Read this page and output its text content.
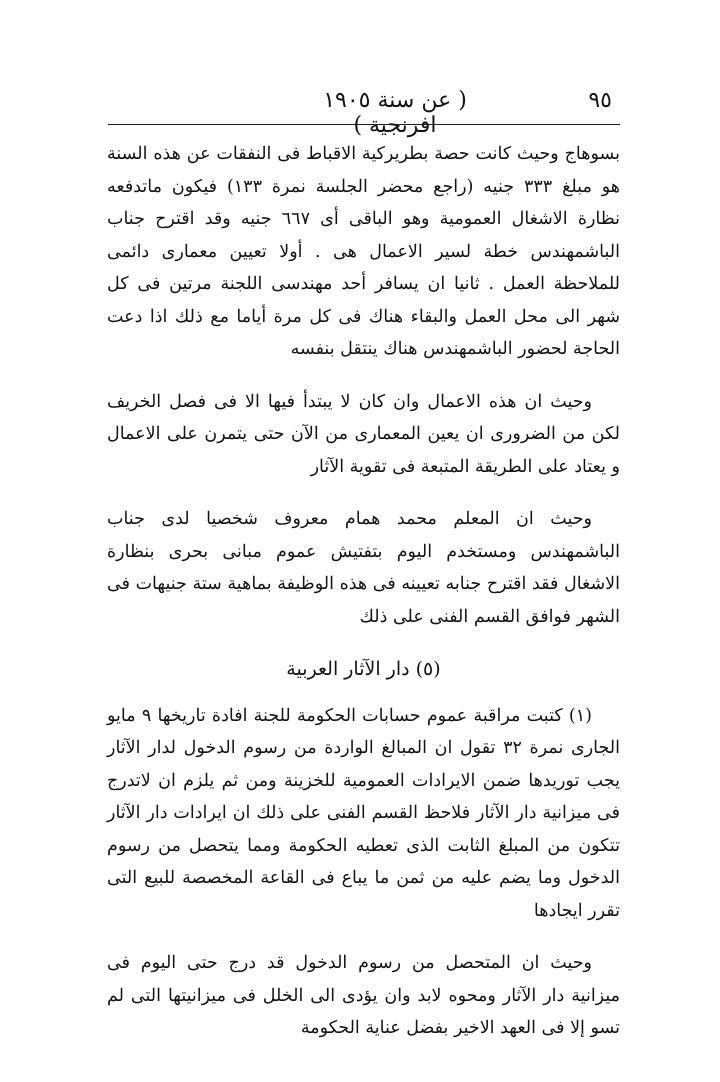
٩٥
( عن سنة ١٩٠٥ افرنجية )

بسوهاج وحيث كانت حصة بطريركية الاقباط فى النفقات عن هذه السنة هو مبلغ ٣٣٣ جنيه (راجع محضر الجلسة نمرة ١٣٣) فيكون ماتدفعه نظارة الاشغال العمومية وهو الباقى أى ٦٦٧ جنيه وقد اقترح جناب الباشمهندس خطة لسير الاعمال هى . أولا تعيين معمارى دائمى للملاحظة العمل . ثانيا ان يسافر أحد مهندسى اللجنة مرتين فى كل شهر الى محل العمل والبقاء هناك فى كل مرة أياما مع ذلك اذا دعت الحاجة لحضور الباشمهندس هناك ينتقل بنفسه

وحيث ان هذه الاعمال وان كان لا يبتدأ فيها الا فى فصل الخريف لكن من الضرورى ان يعين المعمارى من الآن حتى يتمرن على الاعمال و يعتاد على الطريقة المتبعة فى تقوية الآثار

وحيث ان المعلم محمد همام معروف شخصيا لدى جناب الباشمهندس ومستخدم اليوم بتفتيش عموم مبانى بحرى بنظارة الاشغال فقد اقترح جنابه تعيينه فى هذه الوظيفة بماهية ستة جنيهات فى الشهر فوافق القسم الفنى على ذلك

(٥) دار الآثار العربية

(١) كتبت مراقبة عموم حسابات الحكومة للجنة افادة تاريخها ٩ مايو الجارى نمرة ٣٢ تقول ان المبالغ الواردة من رسوم الدخول لدار الآثار يجب توريدها ضمن الايرادات العمومية للخزينة ومن ثم يلزم ان لاتدرج فى ميزانية دار الآثار فلاحظ القسم الفنى على ذلك ان ايرادات دار الآثار تتكون من المبلغ الثابت الذى تعطيه الحكومة ومما يتحصل من رسوم الدخول وما يضم عليه من ثمن ما يباع فى القاعة المخصصة للبيع التى تقرر ايجادها

وحيث ان المتحصل من رسوم الدخول قد درج حتى اليوم فى ميزانية دار الآثار ومحوه لابد وان يؤدى الى الخلل فى ميزانيتها التى لم تسو إلا فى العهد الاخير بفضل عناية الحكومة
